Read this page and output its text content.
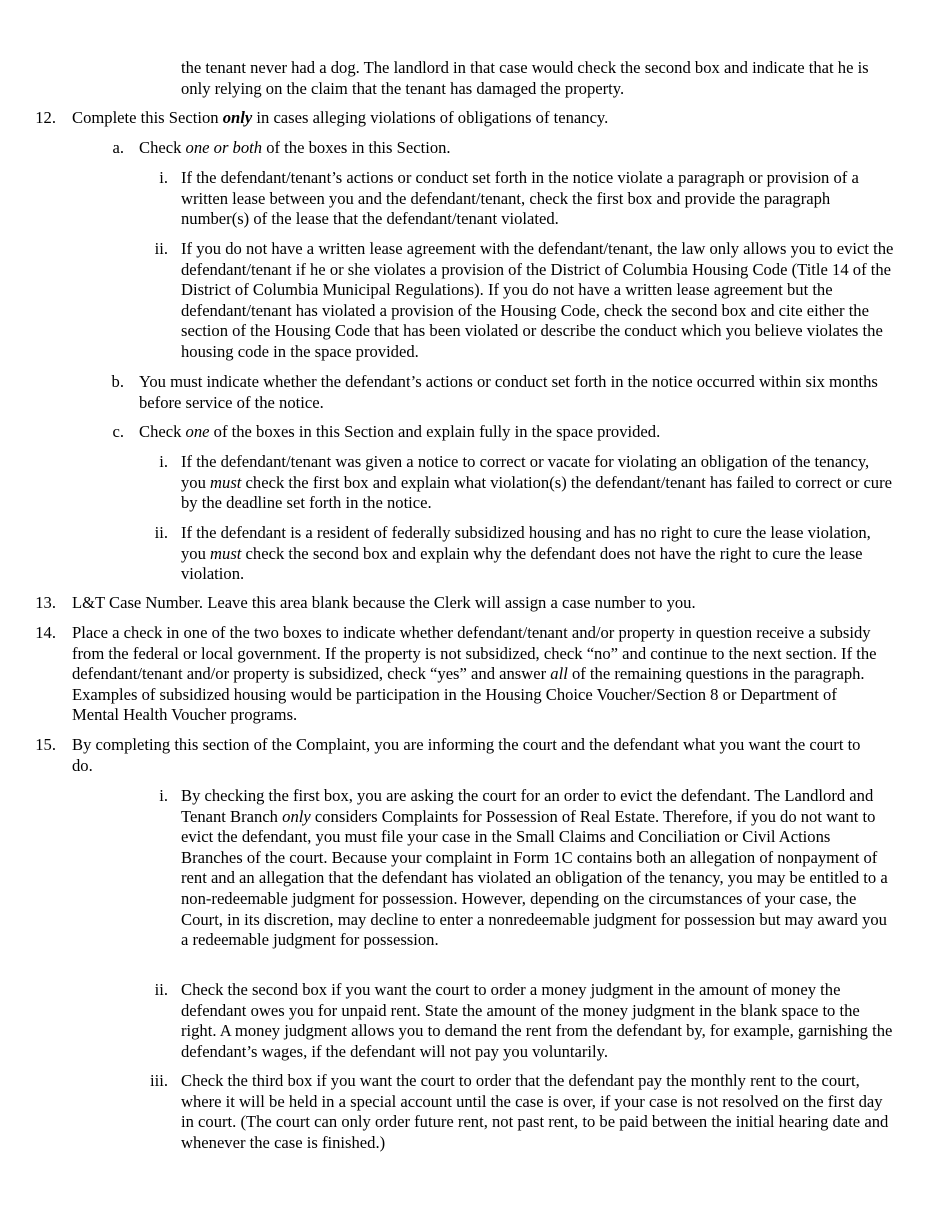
the tenant never had a dog. The landlord in that case would check the second box and indicate that he is only relying on the claim that the tenant has damaged the property.

12. Complete this Section only in cases alleging violations of obligations of tenancy.

a. Check one or both of the boxes in this Section.

i. If the defendant/tenant’s actions or conduct set forth in the notice violate a paragraph or provision of a written lease between you and the defendant/tenant, check the first box and provide the paragraph number(s) of the lease that the defendant/tenant violated.

ii. If you do not have a written lease agreement with the defendant/tenant, the law only allows you to evict the defendant/tenant if he or she violates a provision of the District of Columbia Housing Code (Title 14 of the District of Columbia Municipal Regulations). If you do not have a written lease agreement but the defendant/tenant has violated a provision of the Housing Code, check the second box and cite either the section of the Housing Code that has been violated or describe the conduct which you believe violates the housing code in the space provided.

b. You must indicate whether the defendant’s actions or conduct set forth in the notice occurred within six months before service of the notice.

c. Check one of the boxes in this Section and explain fully in the space provided.

i. If the defendant/tenant was given a notice to correct or vacate for violating an obligation of the tenancy, you must check the first box and explain what violation(s) the defendant/tenant has failed to correct or cure by the deadline set forth in the notice.

ii. If the defendant is a resident of federally subsidized housing and has no right to cure the lease violation, you must check the second box and explain why the defendant does not have the right to cure the lease violation.

13. L&T Case Number. Leave this area blank because the Clerk will assign a case number to you.

14. Place a check in one of the two boxes to indicate whether defendant/tenant and/or property in question receive a subsidy from the federal or local government. If the property is not subsidized, check “no” and continue to the next section. If the defendant/tenant and/or property is subsidized, check “yes” and answer all of the remaining questions in the paragraph. Examples of subsidized housing would be participation in the Housing Choice Voucher/Section 8 or Department of Mental Health Voucher programs.

15. By completing this section of the Complaint, you are informing the court and the defendant what you want the court to do.

i. By checking the first box, you are asking the court for an order to evict the defendant. The Landlord and Tenant Branch only considers Complaints for Possession of Real Estate. Therefore, if you do not want to evict the defendant, you must file your case in the Small Claims and Conciliation or Civil Actions Branches of the court. Because your complaint in Form 1C contains both an allegation of nonpayment of rent and an allegation that the defendant has violated an obligation of the tenancy, you may be entitled to a non-redeemable judgment for possession. However, depending on the circumstances of your case, the Court, in its discretion, may decline to enter a nonredeemable judgment for possession but may award you a redeemable judgment for possession.

ii. Check the second box if you want the court to order a money judgment in the amount of money the defendant owes you for unpaid rent. State the amount of the money judgment in the blank space to the right. A money judgment allows you to demand the rent from the defendant by, for example, garnishing the defendant’s wages, if the defendant will not pay you voluntarily.

iii. Check the third box if you want the court to order that the defendant pay the monthly rent to the court, where it will be held in a special account until the case is over, if your case is not resolved on the first day in court. (The court can only order future rent, not past rent, to be paid between the initial hearing date and whenever the case is finished.)
